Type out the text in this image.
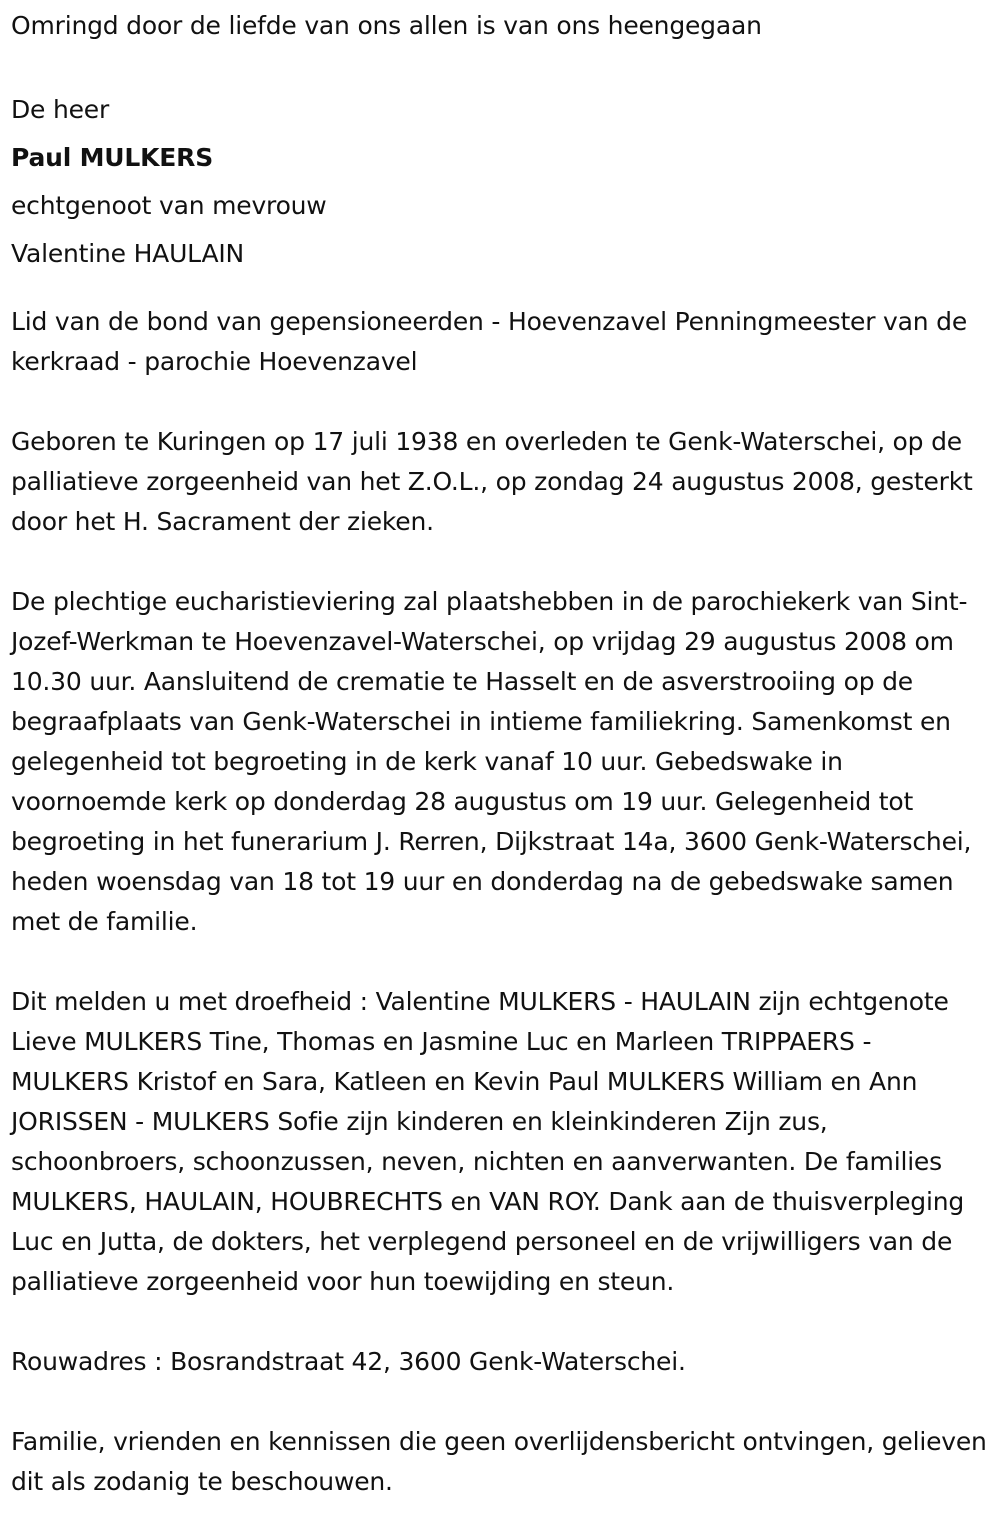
Omringd door de liefde van ons allen is van ons heengegaan

De heer

Paul MULKERS

echtgenoot van mevrouw

Valentine HAULAIN

Lid van de bond van gepensioneerden - Hoevenzavel Penningmeester van de kerkraad - parochie Hoevenzavel

Geboren te Kuringen op 17 juli 1938 en overleden te Genk-Waterschei, op de palliatieve zorgeenheid van het Z.O.L., op zondag 24 augustus 2008, gesterkt door het H. Sacrament der zieken.

De plechtige eucharistieviering zal plaatshebben in de parochiekerk van Sint-Jozef-Werkman te Hoevenzavel-Waterschei, op vrijdag 29 augustus 2008 om 10.30 uur. Aansluitend de crematie te Hasselt en de asverstrooiing op de begraafplaats van Genk-Waterschei in intieme familiekring. Samenkomst en gelegenheid tot begroeting in de kerk vanaf 10 uur. Gebedswake in voornoemde kerk op donderdag 28 augustus om 19 uur. Gelegenheid tot begroeting in het funerarium J. Rerren, Dijkstraat 14a, 3600 Genk-Waterschei, heden woensdag van 18 tot 19 uur en donderdag na de gebedswake samen met de familie.

Dit melden u met droefheid : Valentine MULKERS - HAULAIN zijn echtgenote Lieve MULKERS Tine, Thomas en Jasmine Luc en Marleen TRIPPAERS - MULKERS Kristof en Sara, Katleen en Kevin Paul MULKERS William en Ann JORISSEN - MULKERS Sofie zijn kinderen en kleinkinderen Zijn zus, schoonbroers, schoonzussen, neven, nichten en aanverwanten. De families MULKERS, HAULAIN, HOUBRECHTS en VAN ROY. Dank aan de thuisverpleging Luc en Jutta, de dokters, het verplegend personeel en de vrijwilligers van de palliatieve zorgeenheid voor hun toewijding en steun.

Rouwadres : Bosrandstraat 42, 3600 Genk-Waterschei.

Familie, vrienden en kennissen die geen overlijdensbericht ontvingen, gelieven dit als zodanig te beschouwen.
